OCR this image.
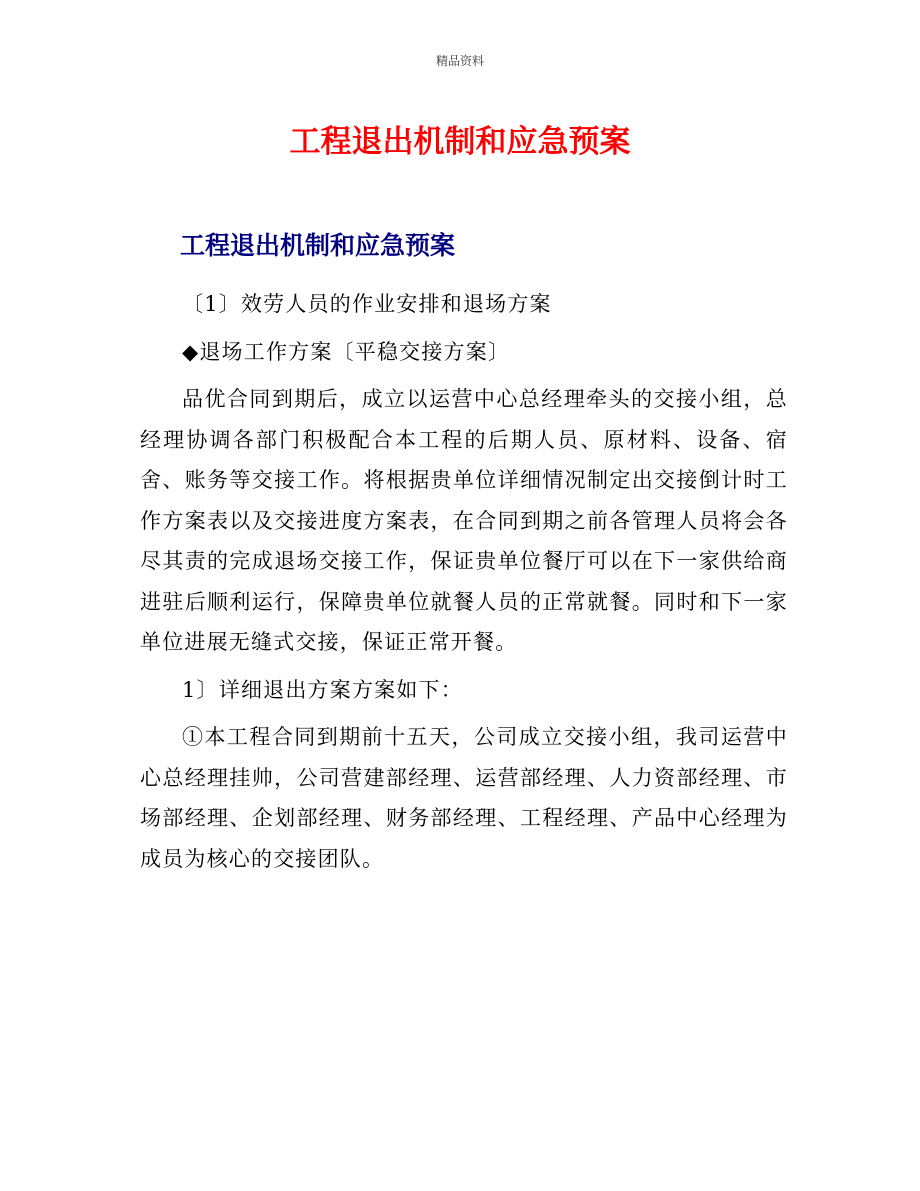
精品资料
工程退出机制和应急预案
工程退出机制和应急预案

〔1〕效劳人员的作业安排和退场方案

◆退场工作方案〔平稳交接方案〕

品优合同到期后，成立以运营中心总经理牵头的交接小组，总经理协调各部门积极配合本工程的后期人员、原材料、设备、宿舍、账务等交接工作。将根据贵单位详细情况制定出交接倒计时工作方案表以及交接进度方案表，在合同到期之前各管理人员将会各尽其责的完成退场交接工作，保证贵单位餐厅可以在下一家供给商进驻后顺利运行，保障贵单位就餐人员的正常就餐。同时和下一家单位进展无缝式交接，保证正常开餐。

1〕详细退出方案方案如下：

①本工程合同到期前十五天，公司成立交接小组，我司运营中心总经理挂帅，公司营建部经理、运营部经理、人力资部经理、市场部经理、企划部经理、财务部经理、工程经理、产品中心经理为成员为核心的交接团队。
